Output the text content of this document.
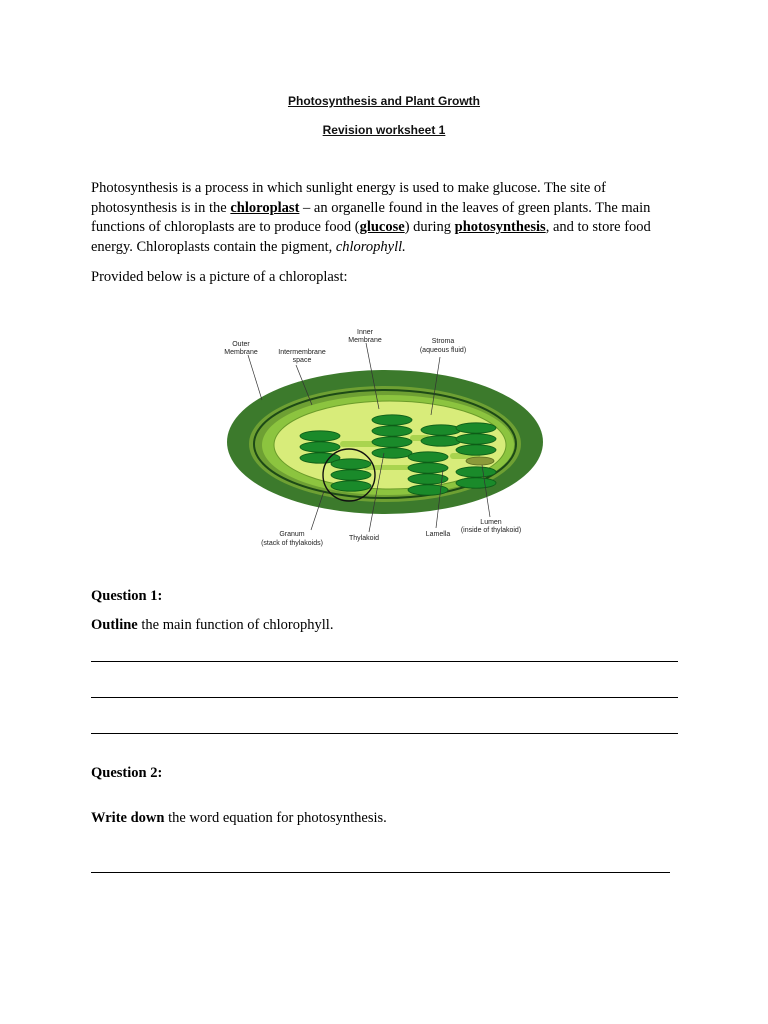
Photosynthesis and Plant Growth
Revision worksheet 1
Photosynthesis is a process in which sunlight energy is used to make glucose. The site of photosynthesis is in the chloroplast – an organelle found in the leaves of green plants. The main functions of chloroplasts are to produce food (glucose) during photosynthesis, and to store food energy. Chloroplasts contain the pigment, chlorophyll.
Provided below is a picture of a chloroplast:
Outer
Membrane	Intermembrane
space
Inner
Membrane	Stroma
(aqueous fluid)
Granum
(stack of thylakoids)
Thylakoid
Lamella
Lumen
(inside of thylakoid)
Question 1:
Outline the main function of chlorophyll.
Question 2:
Write down the word equation for photosynthesis.
